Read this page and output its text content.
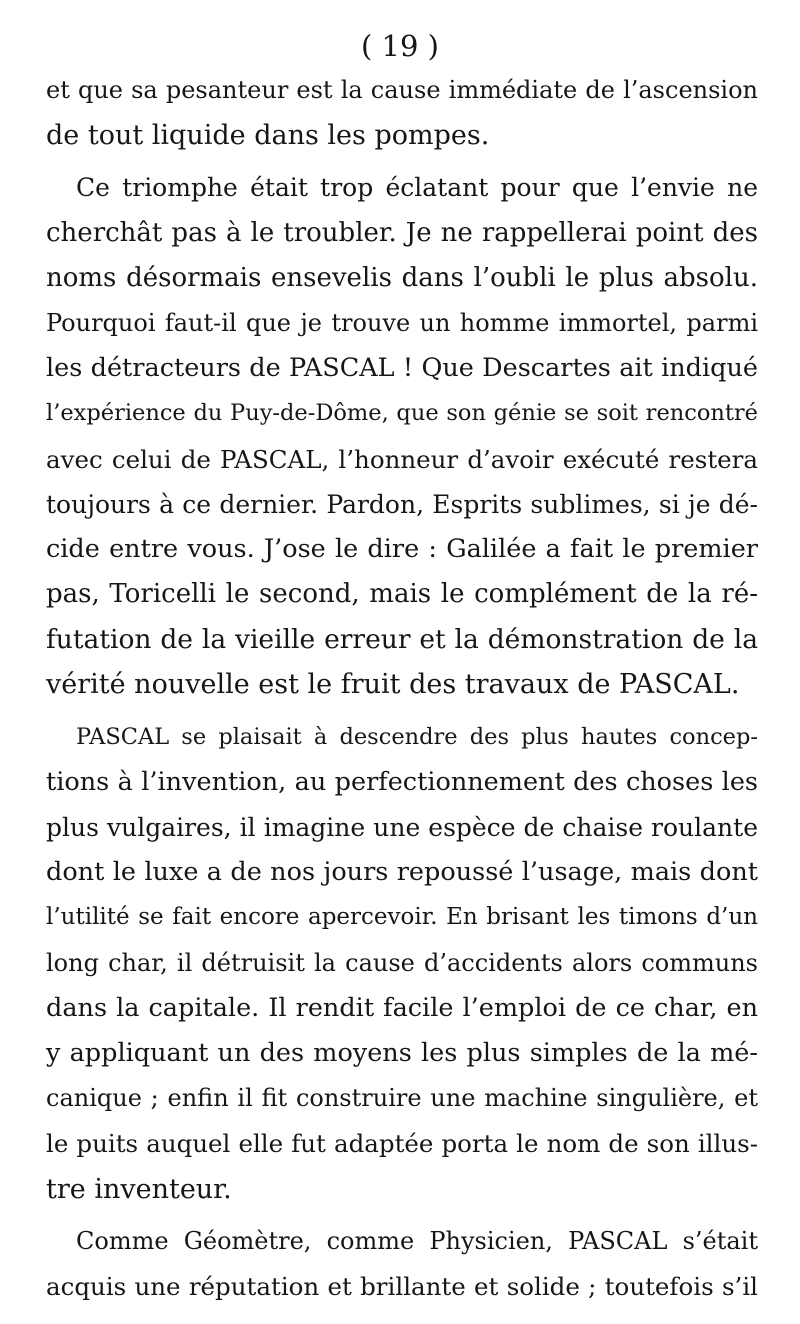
( 19 )
et que sa pesanteur est la cause immédiate de l’ascension
de tout liquide dans les pompes.
Ce triomphe était trop éclatant pour que l’envie ne
cherchât pas à le troubler. Je ne rappellerai point des
noms désormais ensevelis dans l’oubli le plus absolu.
Pourquoi faut-il que je trouve un homme immortel, parmi
les détracteurs de PASCAL ! Que Descartes ait indiqué
l’expérience du Puy-de-Dôme, que son génie se soit rencontré
avec celui de PASCAL, l’honneur d’avoir exécuté restera
toujours à ce dernier. Pardon, Esprits sublimes, si je dé-
cide entre vous. J’ose le dire : Galilée a fait le premier
pas, Toricelli le second, mais le complément de la ré-
futation de la vieille erreur et la démonstration de la
vérité nouvelle est le fruit des travaux de PASCAL.
PASCAL se plaisait à descendre des plus hautes concep-
tions à l’invention, au perfectionnement des choses les
plus vulgaires, il imagine une espèce de chaise roulante
dont le luxe a de nos jours repoussé l’usage, mais dont
l’utilité se fait encore apercevoir. En brisant les timons d’un
long char, il détruisit la cause d’accidents alors communs
dans la capitale. Il rendit facile l’emploi de ce char, en
y appliquant un des moyens les plus simples de la mé-
canique ; enfin il fit construire une machine singulière, et
le puits auquel elle fut adaptée porta le nom de son illus-
tre inventeur.
Comme Géomètre, comme Physicien, PASCAL s’était
acquis une réputation et brillante et solide ; toutefois s’il
